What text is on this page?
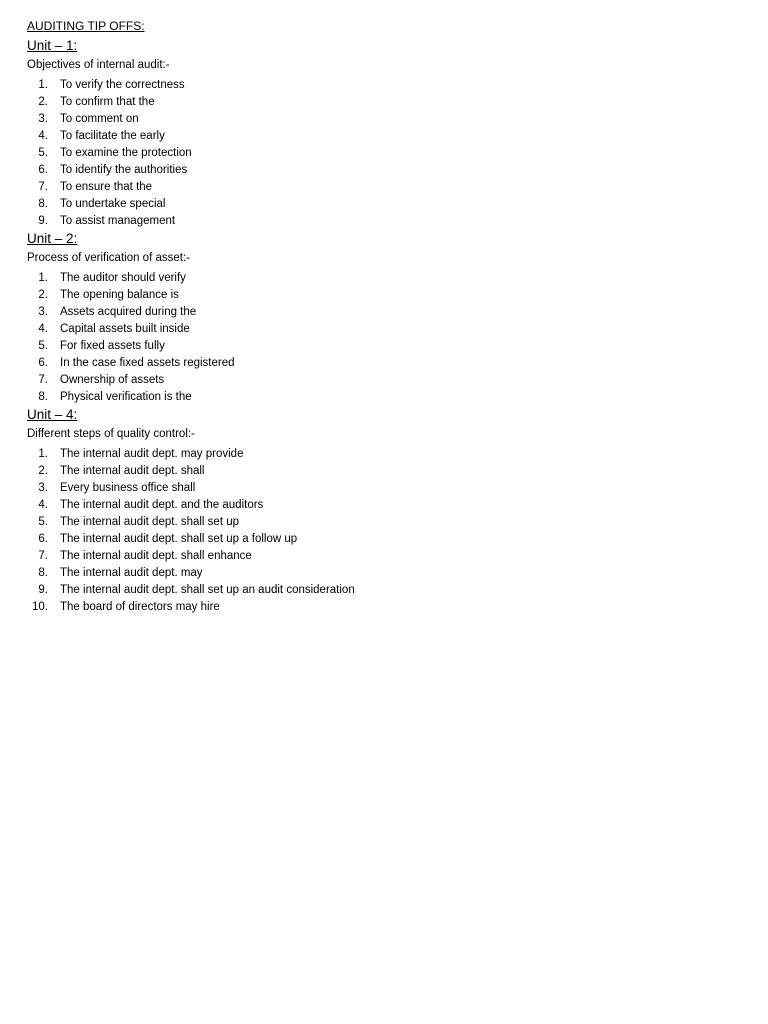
AUDITING TIP OFFS:

Unit – 1:

Objectives of internal audit:-

1.	To verify the correctness
2.	To confirm that the
3.	To comment on
4.	To facilitate the early
5.	To examine the protection
6.	To identify the authorities
7.	To ensure that the
8.	To undertake special
9.	To assist management

Unit – 2:

Process of verification of asset:-

1.	The auditor should verify
2.	The opening balance is
3.	Assets acquired during the
4.	Capital assets built inside
5.	For fixed assets fully
6.	In the case fixed assets registered
7.	Ownership of assets
8.	Physical verification is the

Unit – 4:

Different steps of quality control:-

1.	The internal audit dept. may provide
2.	The internal audit dept. shall
3.	Every business office shall
4.	The internal audit dept. and the auditors
5.	The internal audit dept. shall set up
6.	The internal audit dept. shall set up a follow up
7.	The internal audit dept. shall enhance
8.	The internal audit dept. may
9.	The internal audit dept. shall set up an audit consideration
10.	The board of directors may hire
